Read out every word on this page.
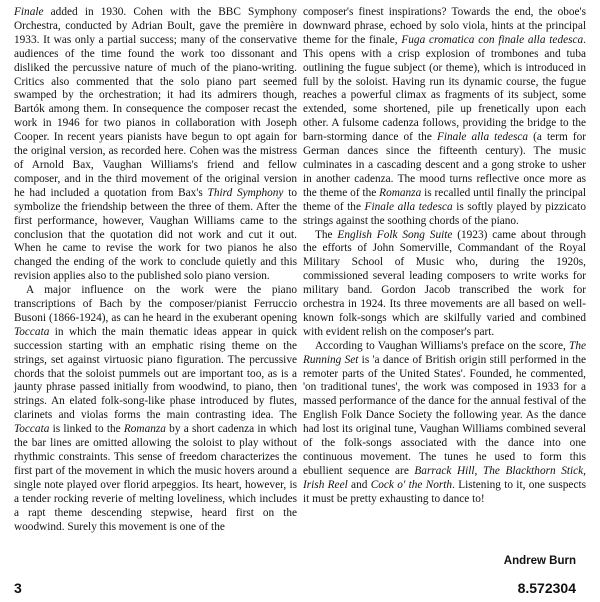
Finale added in 1930. Cohen with the BBC Symphony Orchestra, conducted by Adrian Boult, gave the première in 1933. It was only a partial success; many of the conservative audiences of the time found the work too dissonant and disliked the percussive nature of much of the piano-writing. Critics also commented that the solo piano part seemed swamped by the orchestration; it had its admirers though, Bartók among them. In consequence the composer recast the work in 1946 for two pianos in collaboration with Joseph Cooper. In recent years pianists have begun to opt again for the original version, as recorded here. Cohen was the mistress of Arnold Bax, Vaughan Williams's friend and fellow composer, and in the third movement of the original version he had included a quotation from Bax's Third Symphony to symbolize the friendship between the three of them. After the first performance, however, Vaughan Williams came to the conclusion that the quotation did not work and cut it out. When he came to revise the work for two pianos he also changed the ending of the work to conclude quietly and this revision applies also to the published solo piano version.

A major influence on the work were the piano transcriptions of Bach by the composer/pianist Ferruccio Busoni (1866-1924), as can he heard in the exuberant opening Toccata in which the main thematic ideas appear in quick succession starting with an emphatic rising theme on the strings, set against virtuosic piano figuration. The percussive chords that the soloist pummels out are important too, as is a jaunty phrase passed initially from woodwind, to piano, then strings. An elated folk-song-like phase introduced by flutes, clarinets and violas forms the main contrasting idea. The Toccata is linked to the Romanza by a short cadenza in which the bar lines are omitted allowing the soloist to play without rhythmic constraints. This sense of freedom characterizes the first part of the movement in which the music hovers around a single note played over florid arpeggios. Its heart, however, is a tender rocking reverie of melting loveliness, which includes a rapt theme descending stepwise, heard first on the woodwind. Surely this movement is one of the

composer's finest inspirations? Towards the end, the oboe's downward phrase, echoed by solo viola, hints at the principal theme for the finale, Fuga cromatica con finale alla tedesca. This opens with a crisp explosion of trombones and tuba outlining the fugue subject (or theme), which is introduced in full by the soloist. Having run its dynamic course, the fugue reaches a powerful climax as fragments of its subject, some extended, some shortened, pile up frenetically upon each other. A fulsome cadenza follows, providing the bridge to the barn-storming dance of the Finale alla tedesca (a term for German dances since the fifteenth century). The music culminates in a cascading descent and a gong stroke to usher in another cadenza. The mood turns reflective once more as the theme of the Romanza is recalled until finally the principal theme of the Finale alla tedesca is softly played by pizzicato strings against the soothing chords of the piano.

The English Folk Song Suite (1923) came about through the efforts of John Somerville, Commandant of the Royal Military School of Music who, during the 1920s, commissioned several leading composers to write works for military band. Gordon Jacob transcribed the work for orchestra in 1924. Its three movements are all based on well-known folk-songs which are skilfully varied and combined with evident relish on the composer's part.

According to Vaughan Williams's preface on the score, The Running Set is 'a dance of British origin still performed in the remoter parts of the United States'. Founded, he commented, 'on traditional tunes', the work was composed in 1933 for a massed performance of the dance for the annual festival of the English Folk Dance Society the following year. As the dance had lost its original tune, Vaughan Williams combined several of the folk-songs associated with the dance into one continuous movement. The tunes he used to form this ebullient sequence are Barrack Hill, The Blackthorn Stick, Irish Reel and Cock o' the North. Listening to it, one suspects it must be pretty exhausting to dance to!

Andrew Burn
3	8.572304
